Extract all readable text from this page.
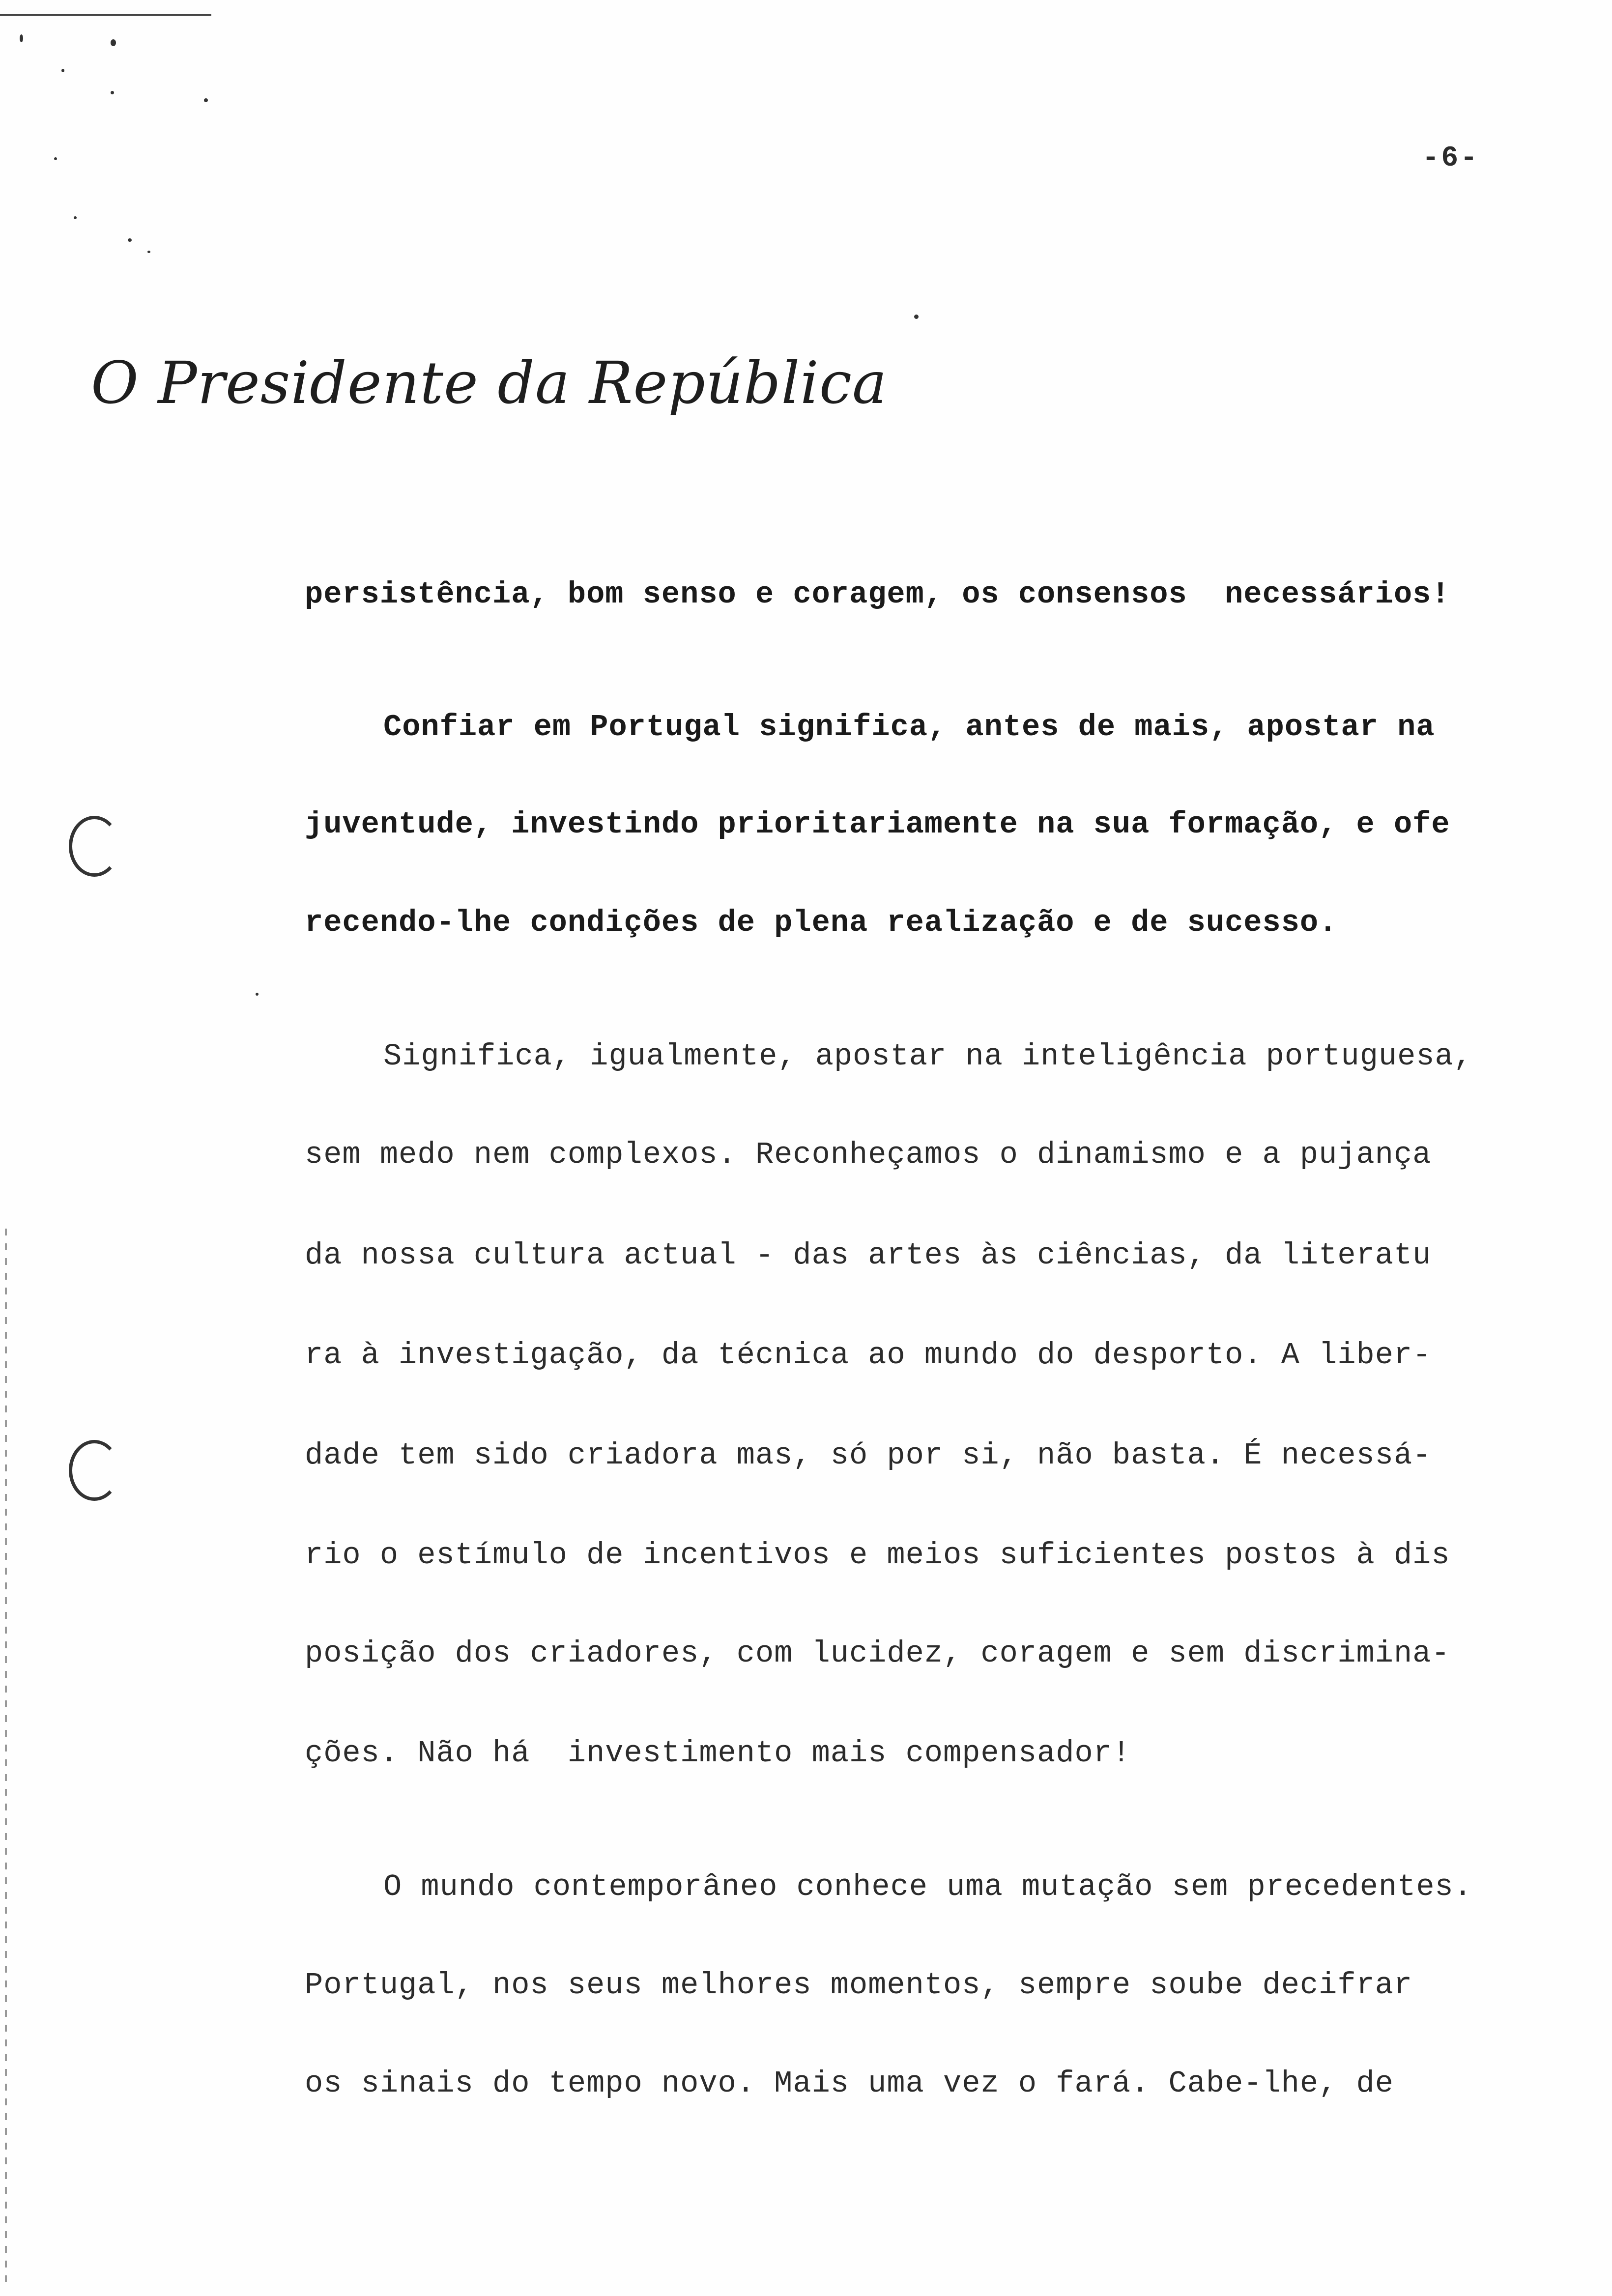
-6-
O Presidente da República
persistência, bom senso e coragem, os consensos  necessários!
Confiar em Portugal significa, antes de mais, apostar na
juventude, investindo prioritariamente na sua formação, e ofe
recendo-lhe condições de plena realização e de sucesso.
Significa, igualmente, apostar na inteligência portuguesa,
sem medo nem complexos. Reconheçamos o dinamismo e a pujança
da nossa cultura actual - das artes às ciências, da literatu
ra à investigação, da técnica ao mundo do desporto. A liber-
dade tem sido criadora mas, só por si, não basta. É necessá-
rio o estímulo de incentivos e meios suficientes postos à dis
posição dos criadores, com lucidez, coragem e sem discrimina-
ções. Não há  investimento mais compensador!
O mundo contemporâneo conhece uma mutação sem precedentes.
Portugal, nos seus melhores momentos, sempre soube decifrar
os sinais do tempo novo. Mais uma vez o fará. Cabe-lhe, de
